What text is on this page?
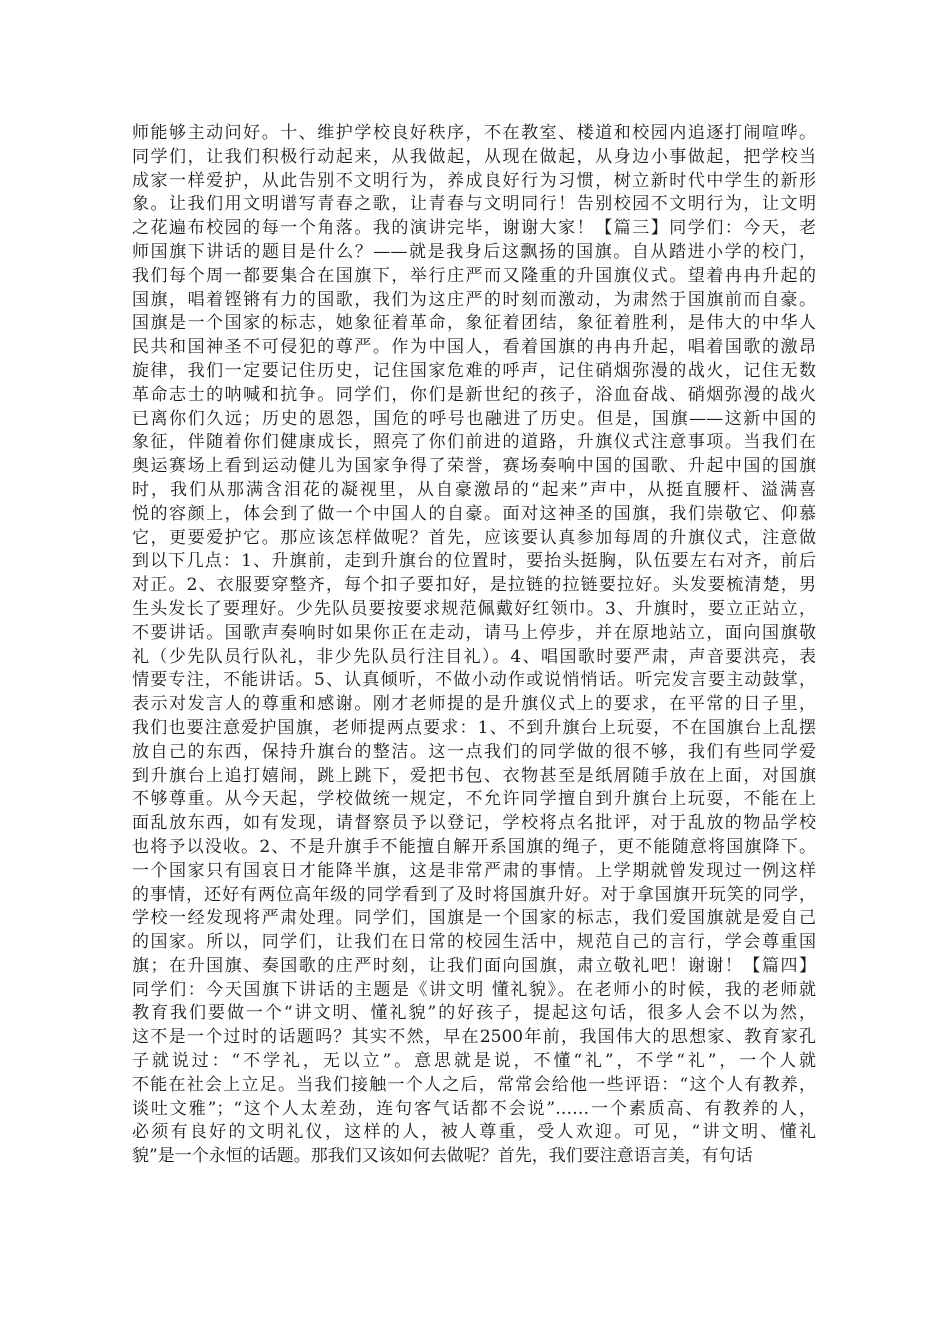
师能够主动问好。十、维护学校良好秩序，不在教室、楼道和校园内追逐打闹喧哗。
同学们，让我们积极行动起来，从我做起，从现在做起，从身边小事做起，把学校当
成家一样爱护，从此告别不文明行为，养成良好行为习惯，树立新时代中学生的新形
象。让我们用文明谱写青春之歌，让青春与文明同行！告别校园不文明行为，让文明
之花遍布校园的每一个角落。我的演讲完毕，谢谢大家！【篇三】同学们：今天，老
师国旗下讲话的题目是什么？——就是我身后这飘扬的国旗。自从踏进小学的校门，
我们每个周一都要集合在国旗下，举行庄严而又隆重的升国旗仪式。望着冉冉升起的
国旗，唱着铿锵有力的国歌，我们为这庄严的时刻而激动，为肃然于国旗前而自豪。
国旗是一个国家的标志，她象征着革命，象征着团结，象征着胜利，是伟大的中华人
民共和国神圣不可侵犯的尊严。作为中国人，看着国旗的冉冉升起，唱着国歌的激昂
旋律，我们一定要记住历史，记住国家危难的呼声，记住硝烟弥漫的战火，记住无数
革命志士的呐喊和抗争。同学们，你们是新世纪的孩子，浴血奋战、硝烟弥漫的战火
已离你们久远；历史的恩怨，国危的呼号也融进了历史。但是，国旗——这新中国的
象征，伴随着你们健康成长，照亮了你们前进的道路，升旗仪式注意事项。当我们在
奥运赛场上看到运动健儿为国家争得了荣誉，赛场奏响中国的国歌、升起中国的国旗
时，我们从那满含泪花的凝视里，从自豪激昂的“起来”声中，从挺直腰杆、溢满喜
悦的容颜上，体会到了做一个中国人的自豪。面对这神圣的国旗，我们崇敬它、仰慕
它，更要爱护它。那应该怎样做呢？首先，应该要认真参加每周的升旗仪式，注意做
到以下几点：1、升旗前，走到升旗台的位置时，要抬头挺胸，队伍要左右对齐，前后
对正。2、衣服要穿整齐，每个扣子要扣好，是拉链的拉链要拉好。头发要梳清楚，男
生头发长了要理好。少先队员要按要求规范佩戴好红领巾。3、升旗时，要立正站立，
不要讲话。国歌声奏响时如果你正在走动，请马上停步，并在原地站立，面向国旗敬
礼（少先队员行队礼，非少先队员行注目礼）。4、唱国歌时要严肃，声音要洪亮，表
情要专注，不能讲话。5、认真倾听，不做小动作或说悄悄话。听完发言要主动鼓掌，
表示对发言人的尊重和感谢。刚才老师提的是升旗仪式上的要求，在平常的日子里，
我们也要注意爱护国旗，老师提两点要求：1、不到升旗台上玩耍，不在国旗台上乱摆
放自己的东西，保持升旗台的整洁。这一点我们的同学做的很不够，我们有些同学爱
到升旗台上追打嬉闹，跳上跳下，爱把书包、衣物甚至是纸屑随手放在上面，对国旗
不够尊重。从今天起，学校做统一规定，不允许同学擅自到升旗台上玩耍，不能在上
面乱放东西，如有发现，请督察员予以登记，学校将点名批评，对于乱放的物品学校
也将予以没收。2、不是升旗手不能擅自解开系国旗的绳子，更不能随意将国旗降下。
一个国家只有国哀日才能降半旗，这是非常严肃的事情。上学期就曾发现过一例这样
的事情，还好有两位高年级的同学看到了及时将国旗升好。对于拿国旗开玩笑的同学，
学校一经发现将严肃处理。同学们，国旗是一个国家的标志，我们爱国旗就是爱自己
的国家。所以，同学们，让我们在日常的校园生活中，规范自己的言行，学会尊重国
旗；在升国旗、奏国歌的庄严时刻，让我们面向国旗，肃立敬礼吧！谢谢！【篇四】
同学们：今天国旗下讲话的主题是《讲文明 懂礼貌》。在老师小的时候，我的老师就
教育我们要做一个“讲文明、懂礼貌”的好孩子，提起这句话，很多人会不以为然，
这不是一个过时的话题吗？其实不然，早在2500年前，我国伟大的思想家、教育家孔
子就说过：“不学礼，无以立”。意思就是说，不懂“礼”，不学“礼”，一个人就
不能在社会上立足。当我们接触一个人之后，常常会给他一些评语：“这个人有教养，
谈吐文雅”；“这个人太差劲，连句客气话都不会说”……一个素质高、有教养的人，
必须有良好的文明礼仪，这样的人，被人尊重，受人欢迎。可见，“讲文明、懂礼
貌”是一个永恒的话题。那我们又该如何去做呢？首先，我们要注意语言美，有句话
